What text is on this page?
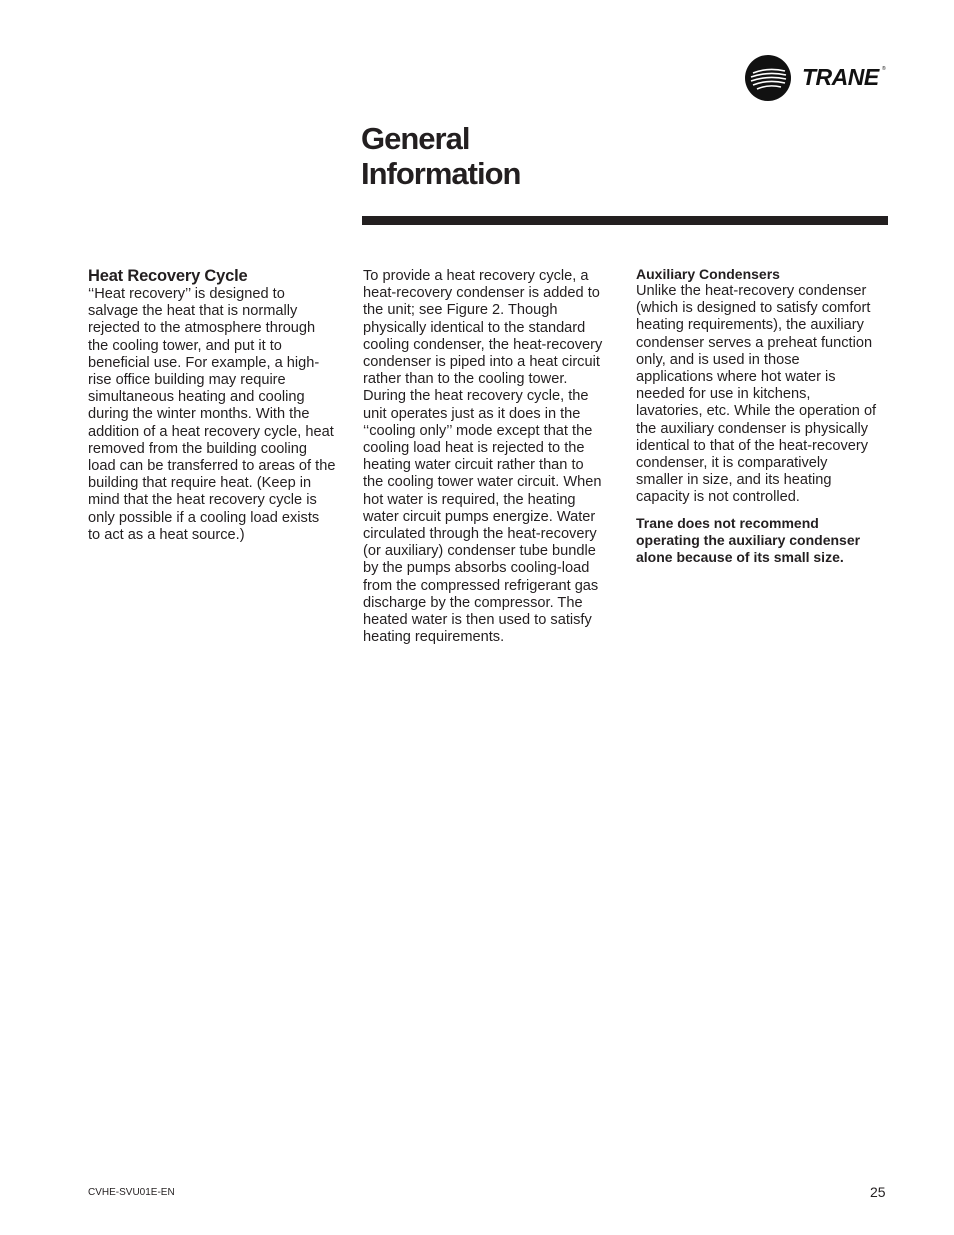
TRANE ®
General
Information

Heat Recovery Cycle

‘‘Heat recovery’’ is designed to
salvage the heat that is normally
rejected to the atmosphere through
the cooling tower, and put it to
beneficial use. For example, a high-
rise office building may require
simultaneous heating and cooling
during the winter months. With the
addition of a heat recovery cycle, heat
removed from the building cooling
load can be transferred to areas of the
building that require heat. (Keep in
mind that the heat recovery cycle is
only possible if a cooling load exists
to act as a heat source.)

To provide a heat recovery cycle, a
heat-recovery condenser is added to
the unit; see Figure 2. Though
physically identical to the standard
cooling condenser, the heat-recovery
condenser is piped into a heat circuit
rather than to the cooling tower.
During the heat recovery cycle, the
unit operates just as it does in the
‘‘cooling only’’ mode except that the
cooling load heat is rejected to the
heating water circuit rather than to
the cooling tower water circuit. When
hot water is required, the heating
water circuit pumps energize. Water
circulated through the heat-recovery
(or auxiliary) condenser tube bundle
by the pumps absorbs cooling-load
from the compressed refrigerant gas
discharge by the compressor. The
heated water is then used to satisfy
heating requirements.

Auxiliary Condensers

Unlike the heat-recovery condenser
(which is designed to satisfy comfort
heating requirements), the auxiliary
condenser serves a preheat function
only, and is used in those
applications where hot water is
needed for use in kitchens,
lavatories, etc. While the operation of
the auxiliary condenser is physically
identical to that of the heat-recovery
condenser, it is comparatively
smaller in size, and its heating
capacity is not controlled.

Trane does not recommend
operating the auxiliary condenser
alone because of its small size.

CVHE-SVU01E-EN	25
